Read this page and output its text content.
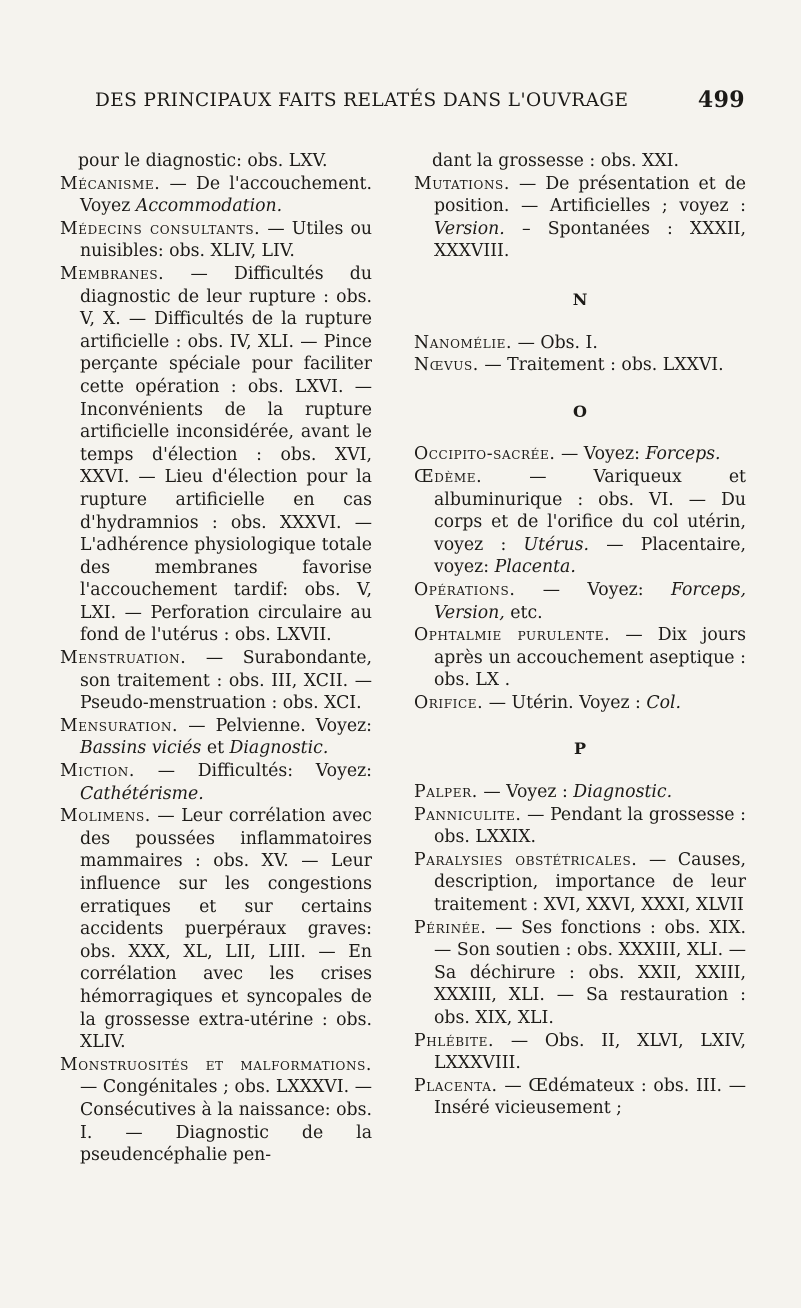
DES PRINCIPAUX FAITS RELATÉS DANS L'OUVRAGE	499

pour le diagnostic: obs. LXV.

Mécanisme. — De l'accouchement. Voyez Accommodation.

Médecins consultants. — Utiles ou nuisibles: obs. XLIV, LIV.

Membranes. — Difficultés du diagnostic de leur rupture : obs. V, X. — Difficultés de la rupture artificielle : obs. IV, XLI. — Pince perçante spéciale pour faciliter cette opération : obs. LXVI. — Inconvénients de la rupture artificielle inconsidérée, avant le temps d'élection : obs. XVI, XXVI. — Lieu d'élection pour la rupture artificielle en cas d'hydramnios : obs. XXXVI. — L'adhérence physiologique totale des membranes favorise l'accouchement tardif: obs. V, LXI. — Perforation circulaire au fond de l'utérus : obs. LXVII.

Menstruation. — Surabondante, son traitement : obs. III, XCII. — Pseudo-menstruation : obs. XCI.

Mensuration. — Pelvienne. Voyez: Bassins viciés et Diagnostic.

Miction. — Difficultés: Voyez: Cathétérisme.

Molimens. — Leur corrélation avec des poussées inflammatoires mammaires : obs. XV. — Leur influence sur les congestions erratiques et sur certains accidents puerpéraux graves: obs. XXX, XL, LII, LIII. — En corrélation avec les crises hémorragiques et syncopales de la grossesse extra-utérine : obs. XLIV.

Monstruosités et malformations. — Congénitales ; obs. LXXXVI. — Consécutives à la naissance: obs. I. — Diagnostic de la pseudencéphalie pen-

dant la grossesse : obs. XXI.

Mutations. — De présentation et de position. — Artificielles ; voyez : Version. – Spontanées : XXXII, XXXVIII.

N

Nanomélie. — Obs. I.

Nœvus. — Traitement : obs. LXXVI.

O

Occipito-sacrée. — Voyez: Forceps.

Œdème. — Variqueux et albuminurique : obs. VI. — Du corps et de l'orifice du col utérin, voyez : Utérus. — Placentaire, voyez: Placenta.

Opérations. — Voyez: Forceps, Version, etc.

Ophtalmie purulente. — Dix jours après un accouchement aseptique : obs. LX .

Orifice. — Utérin. Voyez : Col.

P

Palper. — Voyez : Diagnostic.

Panniculite. — Pendant la grossesse : obs. LXXIX.

Paralysies obstétricales. — Causes, description, importance de leur traitement : XVI, XXVI, XXXI, XLVII

Périnée. — Ses fonctions : obs. XIX. — Son soutien : obs. XXXIII, XLI. — Sa déchirure : obs. XXII, XXIII, XXXIII, XLI. — Sa restauration : obs. XIX, XLI.

Phlébite. — Obs. II, XLVI, LXIV, LXXXVIII.

Placenta. — Œdémateux : obs. III. — Inséré vicieusement ;
